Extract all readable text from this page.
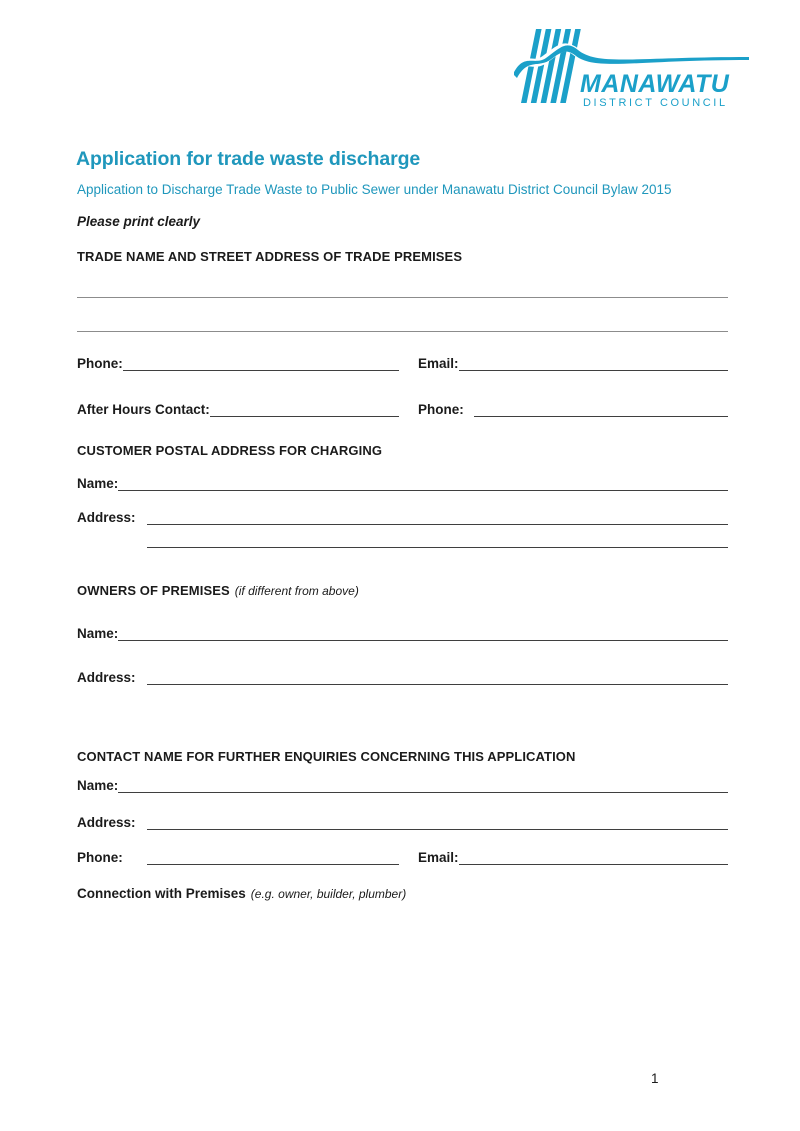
MANAWATU
DISTRICT COUNCIL
Application for trade waste discharge
Application to Discharge Trade Waste to Public Sewer under Manawatu District Council Bylaw 2015
Please print clearly
TRADE NAME AND STREET ADDRESS OF TRADE PREMISES
Phone:	Email:
After Hours Contact:	Phone:
CUSTOMER POSTAL ADDRESS FOR CHARGING
Name:
Address:
OWNERS OF PREMISES (if different from above)
Name:
Address:
CONTACT NAME FOR FURTHER ENQUIRIES CONCERNING THIS APPLICATION
Name:
Address:
Phone:	Email:
Connection with Premises (e.g. owner, builder, plumber)
1
